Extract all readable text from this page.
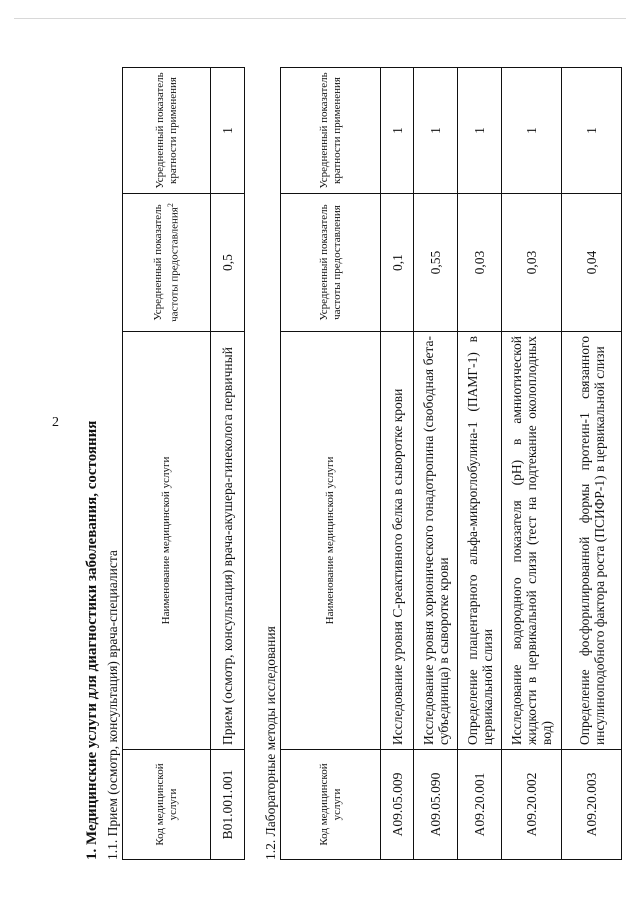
2 1. Медицинские услуги для диагностики заболевания, состояния 1.1. Прием (осмотр, консультация) врача-специалиста	Код медицинской услуги	Наименование медицинской услуги	Усредненный показатель частоты предоставления$^2$	Усредненный показатель кратности применения
В01.001.001	Прием (осмотр, консультация) врача-акушера-гинеколога первичный	0,5	1
1.2. Лабораторные методы исследования	Код медицинской услуги	Наименование медицинской услуги	Усредненный показатель частоты предоставления	Усредненный показатель кратности применения
А09.05.009	Исследование уровня С-реактивного белка в сыворотке крови	0,1	1
А09.05.090	Исследование уровня хорионического гонадотропина (свободная бета-субъединица) в сыворотке крови	0,55	1
А09.20.001	Определение плацентарного альфа-микроглобулина-1 (ПАМГ-1) в цервикальной слизи	0,03	1
А09.20.002	Исследование водородного показателя (pH) в амниотической жидкости в цервикальной слизи (тест на подтекание околоплодных вод)	0,03	1
А09.20.003	Определение фосфорилированной формы протеин-1 связанного инсулиноподобного фактора роста (ПСИФР-1) в цервикальной слизи	0,04	1
